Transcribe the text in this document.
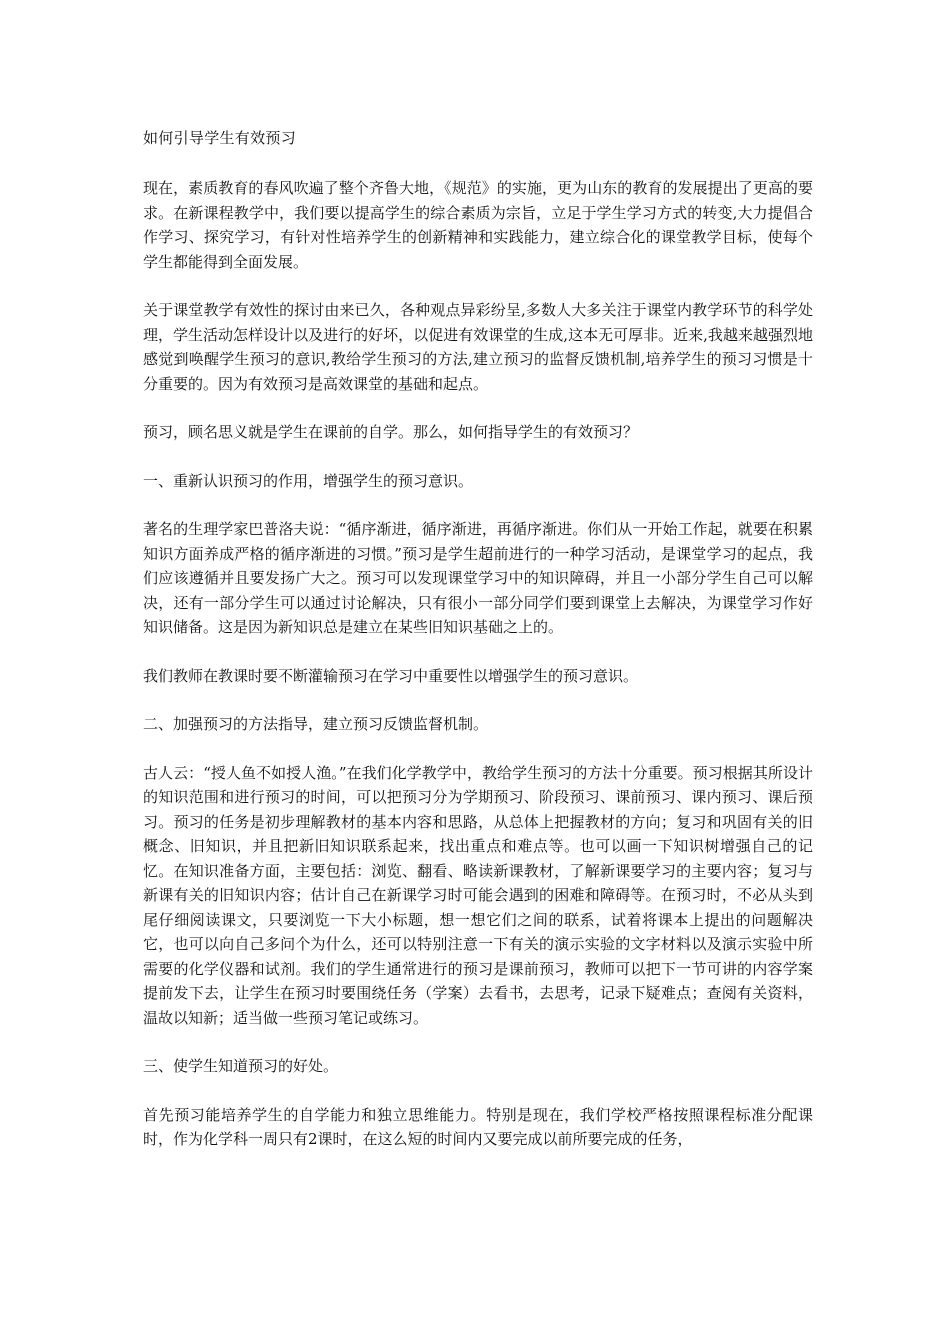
如何引导学生有效预习

现在，素质教育的春风吹遍了整个齐鲁大地，《规范》的实施，更为山东的教育的发展提出了更高的要求。在新课程教学中，我们要以提高学生的综合素质为宗旨，立足于学生学习方式的转变,大力提倡合作学习、探究学习，有针对性培养学生的创新精神和实践能力，建立综合化的课堂教学目标，使每个学生都能得到全面发展。

关于课堂教学有效性的探讨由来已久，各种观点异彩纷呈,多数人大多关注于课堂内教学环节的科学处理，学生活动怎样设计以及进行的好坏，以促进有效课堂的生成,这本无可厚非。近来,我越来越强烈地感觉到唤醒学生预习的意识,教给学生预习的方法,建立预习的监督反馈机制,培养学生的预习习惯是十分重要的。因为有效预习是高效课堂的基础和起点。

预习，顾名思义就是学生在课前的自学。那么，如何指导学生的有效预习？

一、重新认识预习的作用，增强学生的预习意识。

著名的生理学家巴普洛夫说：“循序渐进，循序渐进，再循序渐进。你们从一开始工作起，就要在积累知识方面养成严格的循序渐进的习惯。”预习是学生超前进行的一种学习活动，是课堂学习的起点，我们应该遵循并且要发扬广大之。预习可以发现课堂学习中的知识障碍，并且一小部分学生自己可以解决，还有一部分学生可以通过讨论解决，只有很小一部分同学们要到课堂上去解决，为课堂学习作好知识储备。这是因为新知识总是建立在某些旧知识基础之上的。

我们教师在教课时要不断灌输预习在学习中重要性以增强学生的预习意识。

二、加强预习的方法指导，建立预习反馈监督机制。

古人云：“授人鱼不如授人渔。”在我们化学教学中，教给学生预习的方法十分重要。预习根据其所设计的知识范围和进行预习的时间，可以把预习分为学期预习、阶段预习、课前预习、课内预习、课后预习。预习的任务是初步理解教材的基本内容和思路，从总体上把握教材的方向；复习和巩固有关的旧概念、旧知识，并且把新旧知识联系起来，找出重点和难点等。也可以画一下知识树增强自己的记忆。在知识准备方面，主要包括：浏览、翻看、略读新课教材，了解新课要学习的主要内容；复习与新课有关的旧知识内容；估计自己在新课学习时可能会遇到的困难和障碍等。在预习时，不必从头到尾仔细阅读课文，只要浏览一下大小标题，想一想它们之间的联系，试着将课本上提出的问题解决它，也可以向自己多问个为什么，还可以特别注意一下有关的演示实验的文字材料以及演示实验中所需要的化学仪器和试剂。我们的学生通常进行的预习是课前预习，教师可以把下一节可讲的内容学案提前发下去，让学生在预习时要围绕任务（学案）去看书，去思考，记录下疑难点；查阅有关资料，温故以知新；适当做一些预习笔记或练习。

三、使学生知道预习的好处。

首先预习能培养学生的自学能力和独立思维能力。特别是现在，我们学校严格按照课程标准分配课时，作为化学科一周只有2课时，在这么短的时间内又要完成以前所要完成的任务，
